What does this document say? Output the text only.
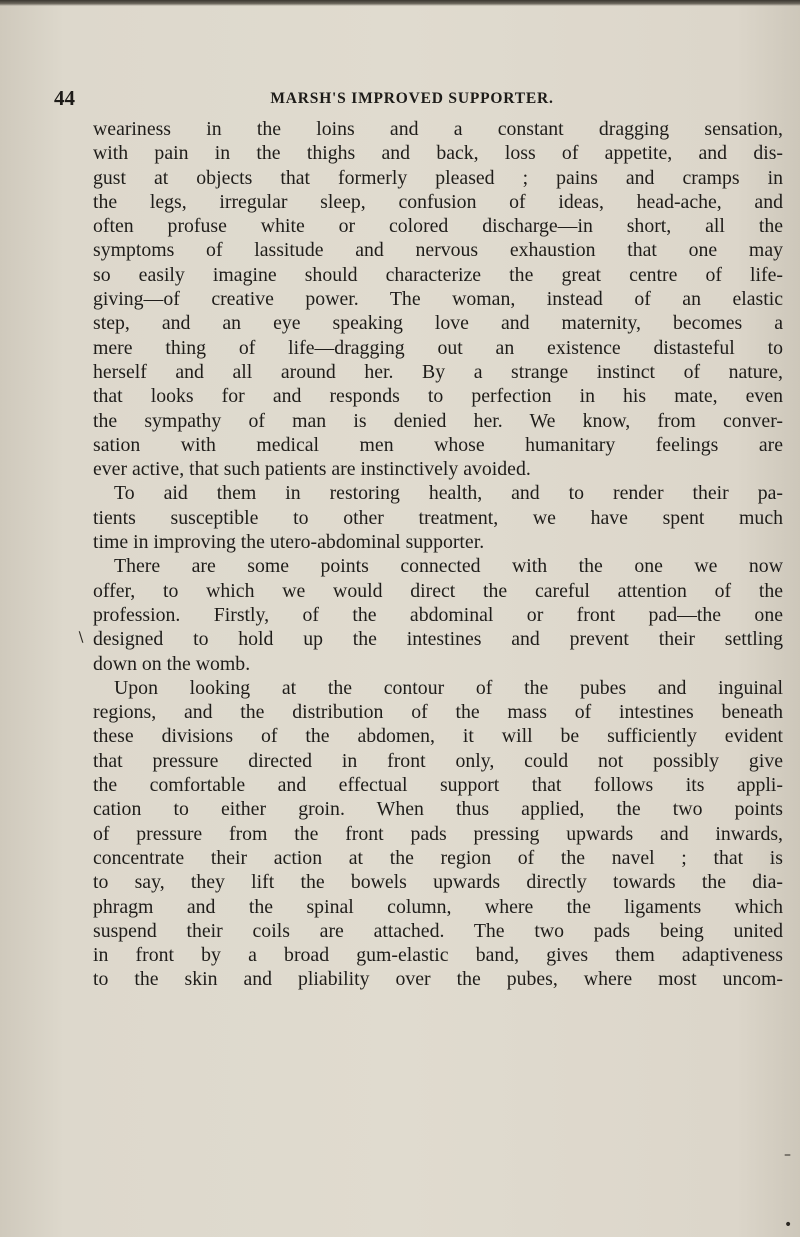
44	MARSH'S IMPROVED SUPPORTER.
weariness in the loins and a constant dragging sensation,
with pain in the thighs and back, loss of appetite, and dis-
gust at objects that formerly pleased ; pains and cramps in
the legs, irregular sleep, confusion of ideas, head-ache, and
often profuse white or colored discharge—in short, all the
symptoms of lassitude and nervous exhaustion that one may
so easily imagine should characterize the great centre of life-
giving—of creative power. The woman, instead of an elastic
step, and an eye speaking love and maternity, becomes a
mere thing of life—dragging out an existence distasteful to
herself and all around her. By a strange instinct of nature,
that looks for and responds to perfection in his mate, even
the sympathy of man is denied her. We know, from conver-
sation with medical men whose humanitary feelings are
ever active, that such patients are instinctively avoided.
To aid them in restoring health, and to render their pa-
tients susceptible to other treatment, we have spent much
time in improving the utero-abdominal supporter.
There are some points connected with the one we now
offer, to which we would direct the careful attention of the
profession. Firstly, of the abdominal or front pad—the one
designed to hold up the intestines and prevent their settling
down on the womb.
Upon looking at the contour of the pubes and inguinal
regions, and the distribution of the mass of intestines beneath
these divisions of the abdomen, it will be sufficiently evident
that pressure directed in front only, could not possibly give
the comfortable and effectual support that follows its appli-
cation to either groin. When thus applied, the two points
of pressure from the front pads pressing upwards and inwards,
concentrate their action at the region of the navel ; that is
to say, they lift the bowels upwards directly towards the dia-
phragm and the spinal column, where the ligaments which
suspend their coils are attached. The two pads being united
in front by a broad gum-elastic band, gives them adaptiveness
to the skin and pliability over the pubes, where most uncom-
∖
–
•
